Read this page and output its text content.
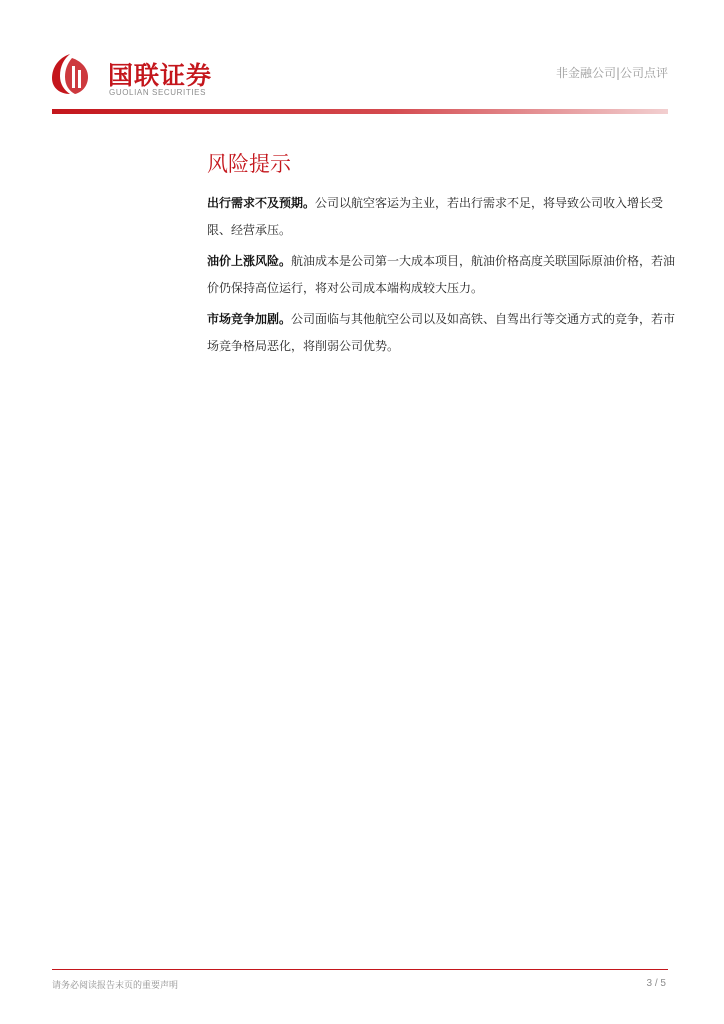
国联证券
GUOLIAN SECURITIES
非金融公司|公司点评
风险提示

出行需求不及预期。公司以航空客运为主业，若出行需求不足，将导致公司收入增长受限、经营承压。

油价上涨风险。航油成本是公司第一大成本项目，航油价格高度关联国际原油价格，若油价仍保持高位运行，将对公司成本端构成较大压力。

市场竞争加剧。公司面临与其他航空公司以及如高铁、自驾出行等交通方式的竞争，若市场竞争格局恶化，将削弱公司优势。

请务必阅读报告末页的重要声明	3 / 5
